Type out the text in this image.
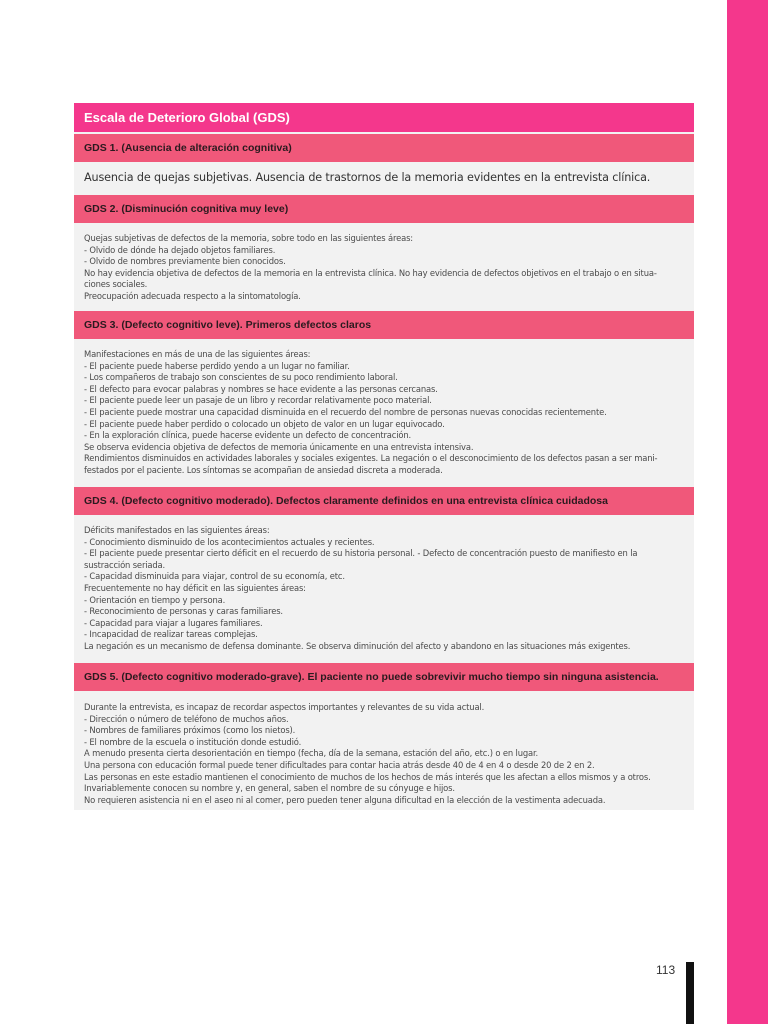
Escala de Deterioro Global (GDS)
GDS 1. (Ausencia de alteración cognitiva)
Ausencia de quejas subjetivas. Ausencia de trastornos de la memoria evidentes en la entrevista clínica.
GDS 2. (Disminución cognitiva muy leve)
Quejas subjetivas de defectos de la memoria, sobre todo en las siguientes áreas:
- Olvido de dónde ha dejado objetos familiares.
- Olvido de nombres previamente bien conocidos.
No hay evidencia objetiva de defectos de la memoria en la entrevista clínica. No hay evidencia de defectos objetivos en el trabajo o en situa-
ciones sociales.
Preocupación adecuada respecto a la sintomatología.
GDS 3. (Defecto cognitivo leve). Primeros defectos claros
Manifestaciones en más de una de las siguientes áreas:
- El paciente puede haberse perdido yendo a un lugar no familiar.
- Los compañeros de trabajo son conscientes de su poco rendimiento laboral.
- El defecto para evocar palabras y nombres se hace evidente a las personas cercanas.
- El paciente puede leer un pasaje de un libro y recordar relativamente poco material.
- El paciente puede mostrar una capacidad disminuida en el recuerdo del nombre de personas nuevas conocidas recientemente.
- El paciente puede haber perdido o colocado un objeto de valor en un lugar equivocado.
- En la exploración clínica, puede hacerse evidente un defecto de concentración.
Se observa evidencia objetiva de defectos de memoria únicamente en una entrevista intensiva.
Rendimientos disminuidos en actividades laborales y sociales exigentes. La negación o el desconocimiento de los defectos pasan a ser mani-
festados por el paciente. Los síntomas se acompañan de ansiedad discreta a moderada.
GDS 4. (Defecto cognitivo moderado). Defectos claramente definidos en una entrevista clínica cuidadosa
Déficits manifestados en las siguientes áreas:
- Conocimiento disminuido de los acontecimientos actuales y recientes.
- El paciente puede presentar cierto déficit en el recuerdo de su historia personal. - Defecto de concentración puesto de manifiesto en la
sustracción seriada.
- Capacidad disminuida para viajar, control de su economía, etc.
Frecuentemente no hay déficit en las siguientes áreas:
- Orientación en tiempo y persona.
- Reconocimiento de personas y caras familiares.
- Capacidad para viajar a lugares familiares.
- Incapacidad de realizar tareas complejas.
La negación es un mecanismo de defensa dominante. Se observa diminución del afecto y abandono en las situaciones más exigentes.
GDS 5. (Defecto cognitivo moderado-grave). El paciente no puede sobrevivir mucho tiempo sin ninguna asistencia.
Durante la entrevista, es incapaz de recordar aspectos importantes y relevantes de su vida actual.
- Dirección o número de teléfono de muchos años.
- Nombres de familiares próximos (como los nietos).
- El nombre de la escuela o institución donde estudió.
A menudo presenta cierta desorientación en tiempo (fecha, día de la semana, estación del año, etc.) o en lugar.
Una persona con educación formal puede tener dificultades para contar hacia atrás desde 40 de 4 en 4 o desde 20 de 2 en 2.
Las personas en este estadio mantienen el conocimiento de muchos de los hechos de más interés que les afectan a ellos mismos y a otros.
Invariablemente conocen su nombre y, en general, saben el nombre de su cónyuge e hijos.
No requieren asistencia ni en el aseo ni al comer, pero pueden tener alguna dificultad en la elección de la vestimenta adecuada.
113
